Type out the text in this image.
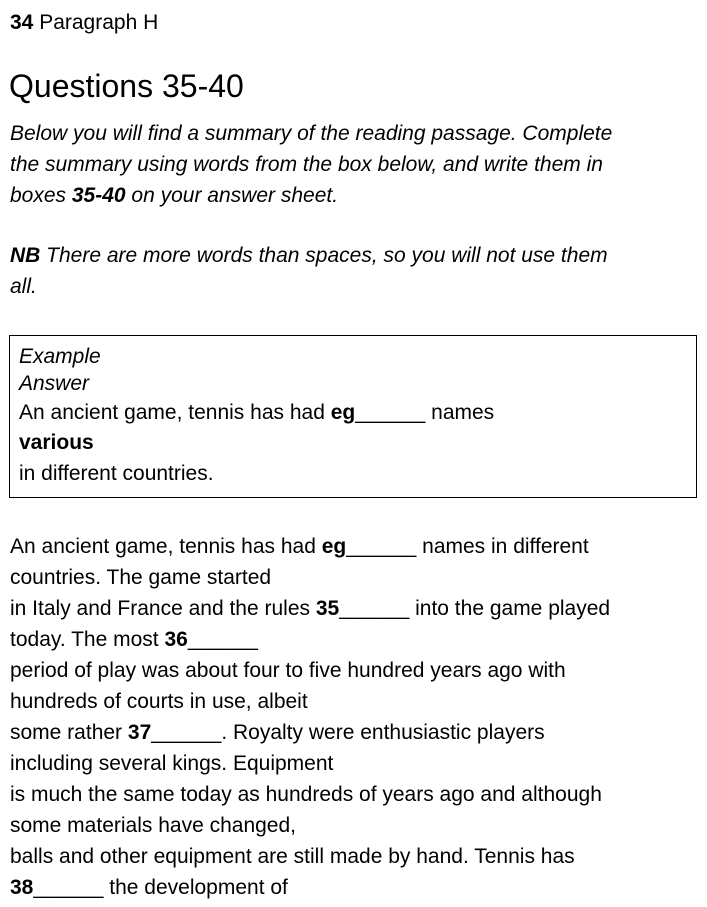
34 Paragraph H
Questions 35-40
Below you will find a summary of the reading passage. Complete
the summary using words from the box below, and write them in
boxes 35-40 on your answer sheet.
NB There are more words than spaces, so you will not use them
all.
Example
Answer
An ancient game, tennis has had eg______ names
various
in different countries.
An ancient game, tennis has had eg______ names in different
countries. The game started
in Italy and France and the rules 35______ into the game played
today. The most 36______
period of play was about four to five hundred years ago with
hundreds of courts in use, albeit
some rather 37______. Royalty were enthusiastic players
including several kings. Equipment
is much the same today as hundreds of years ago and although
some materials have changed,
balls and other equipment are still made by hand. Tennis has
38______ the development of
